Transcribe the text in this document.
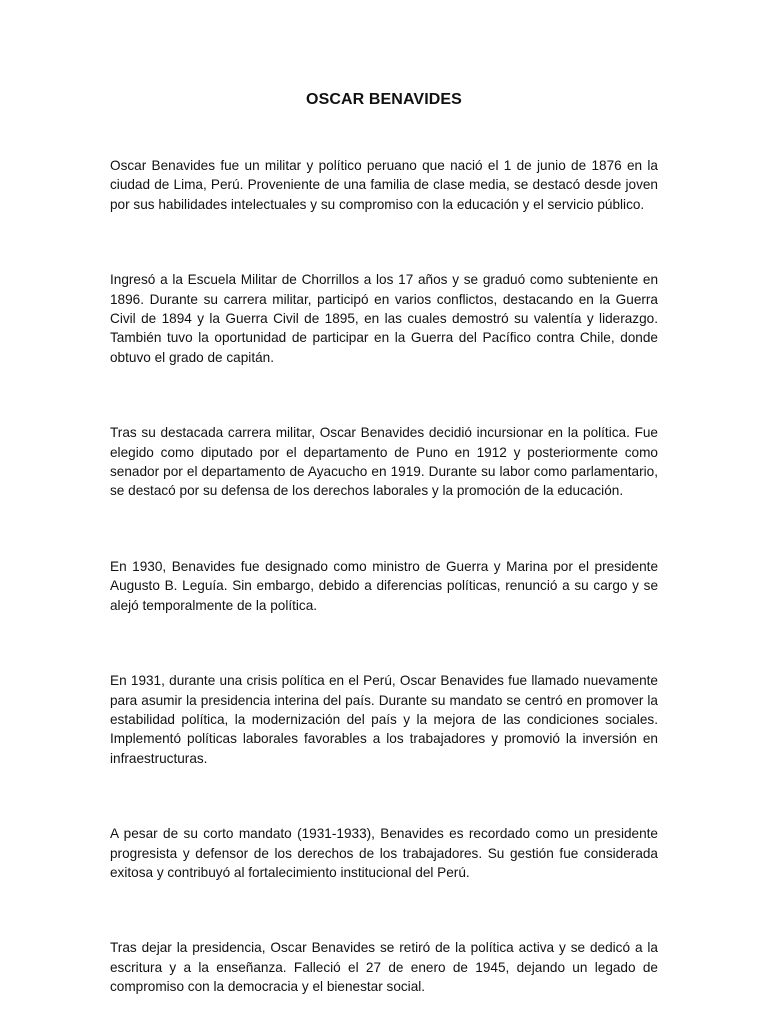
OSCAR BENAVIDES

Oscar Benavides fue un militar y político peruano que nació el 1 de junio de 1876 en la ciudad de Lima, Perú. Proveniente de una familia de clase media, se destacó desde joven por sus habilidades intelectuales y su compromiso con la educación y el servicio público.

Ingresó a la Escuela Militar de Chorrillos a los 17 años y se graduó como subteniente en 1896. Durante su carrera militar, participó en varios conflictos, destacando en la Guerra Civil de 1894 y la Guerra Civil de 1895, en las cuales demostró su valentía y liderazgo. También tuvo la oportunidad de participar en la Guerra del Pacífico contra Chile, donde obtuvo el grado de capitán.

Tras su destacada carrera militar, Oscar Benavides decidió incursionar en la política. Fue elegido como diputado por el departamento de Puno en 1912 y posteriormente como senador por el departamento de Ayacucho en 1919. Durante su labor como parlamentario, se destacó por su defensa de los derechos laborales y la promoción de la educación.

En 1930, Benavides fue designado como ministro de Guerra y Marina por el presidente Augusto B. Leguía. Sin embargo, debido a diferencias políticas, renunció a su cargo y se alejó temporalmente de la política.

En 1931, durante una crisis política en el Perú, Oscar Benavides fue llamado nuevamente para asumir la presidencia interina del país. Durante su mandato se centró en promover la estabilidad política, la modernización del país y la mejora de las condiciones sociales. Implementó políticas laborales favorables a los trabajadores y promovió la inversión en infraestructuras.

A pesar de su corto mandato (1931-1933), Benavides es recordado como un presidente progresista y defensor de los derechos de los trabajadores. Su gestión fue considerada exitosa y contribuyó al fortalecimiento institucional del Perú.

Tras dejar la presidencia, Oscar Benavides se retiró de la política activa y se dedicó a la escritura y a la enseñanza. Falleció el 27 de enero de 1945, dejando un legado de compromiso con la democracia y el bienestar social.
